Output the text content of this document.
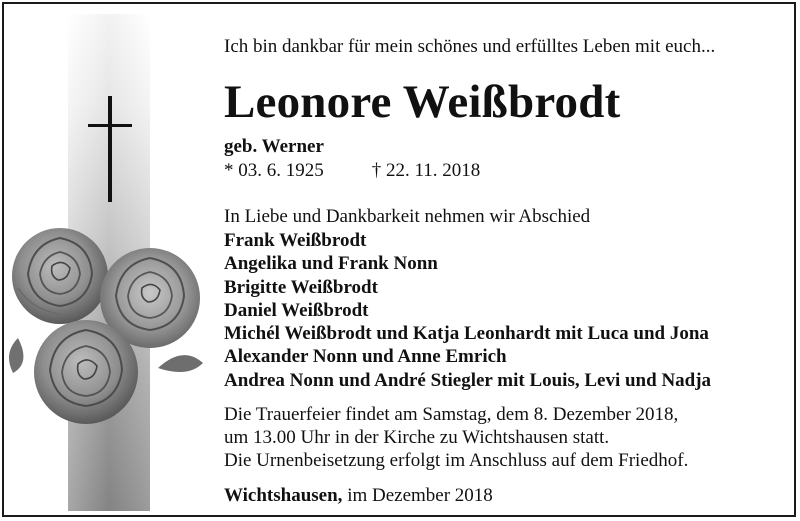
Ich bin dankbar für mein schönes und erfülltes Leben mit euch...

Leonore Weißbrodt

geb. Werner

* 03. 6. 1925	† 22. 11. 2018

In Liebe und Dankbarkeit nehmen wir Abschied

Frank Weißbrodt
Angelika und Frank Nonn
Brigitte Weißbrodt
Daniel Weißbrodt
Michél Weißbrodt und Katja Leonhardt mit Luca und Jona
Alexander Nonn und Anne Emrich
Andrea Nonn und André Stiegler mit Louis, Levi und Nadja

Die Trauerfeier findet am Samstag, dem 8. Dezember 2018,

um 13.00 Uhr in der Kirche zu Wichtshausen statt.

Die Urnenbeisetzung erfolgt im Anschluss auf dem Friedhof.

Wichtshausen, im Dezember 2018
